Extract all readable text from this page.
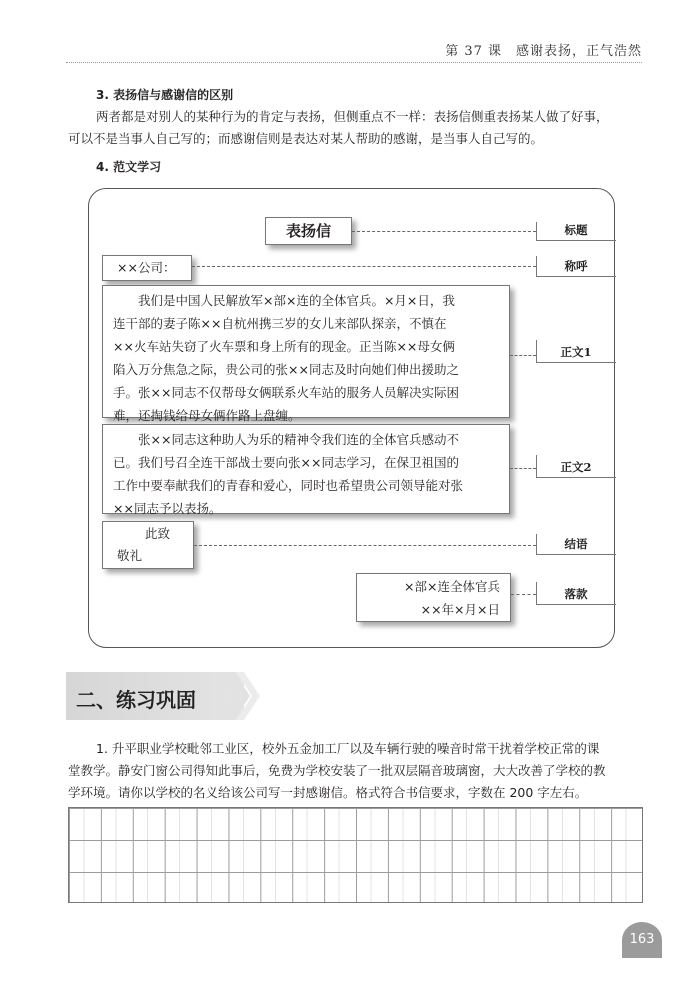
第 37 课　感谢表扬，正气浩然
3. 表扬信与感谢信的区别
两者都是对别人的某种行为的肯定与表扬，但侧重点不一样：表扬信侧重表扬某人做了好事，
可以不是当事人自己写的；而感谢信则是表达对某人帮助的感谢，是当事人自己写的。
4. 范文学习
表扬信	标题
××公司：	称呼
　　我们是中国人民解放军×部×连的全体官兵。×月×日，我
连干部的妻子陈××自杭州携三岁的女儿来部队探亲，不慎在
××火车站失窃了火车票和身上所有的现金。正当陈××母女俩
陷入万分焦急之际，贵公司的张××同志及时向她们伸出援助之
手。张××同志不仅帮母女俩联系火车站的服务人员解决实际困
难，还掏钱给母女俩作路上盘缠。
正文1
　　张××同志这种助人为乐的精神令我们连的全体官兵感动不
已。我们号召全连干部战士要向张××同志学习，在保卫祖国的
工作中要奉献我们的青春和爱心，同时也希望贵公司领导能对张
××同志予以表扬。
正文2
此致
敬礼
结语
×部×连全体官兵
××年×月×日
落款
二、练习巩固
1. 升平职业学校毗邻工业区，校外五金加工厂以及车辆行驶的噪音时常干扰着学校正常的课
堂教学。静安门窗公司得知此事后，免费为学校安装了一批双层隔音玻璃窗，大大改善了学校的教
学环境。请你以学校的名义给该公司写一封感谢信。格式符合书信要求，字数在 200 字左右。
163
